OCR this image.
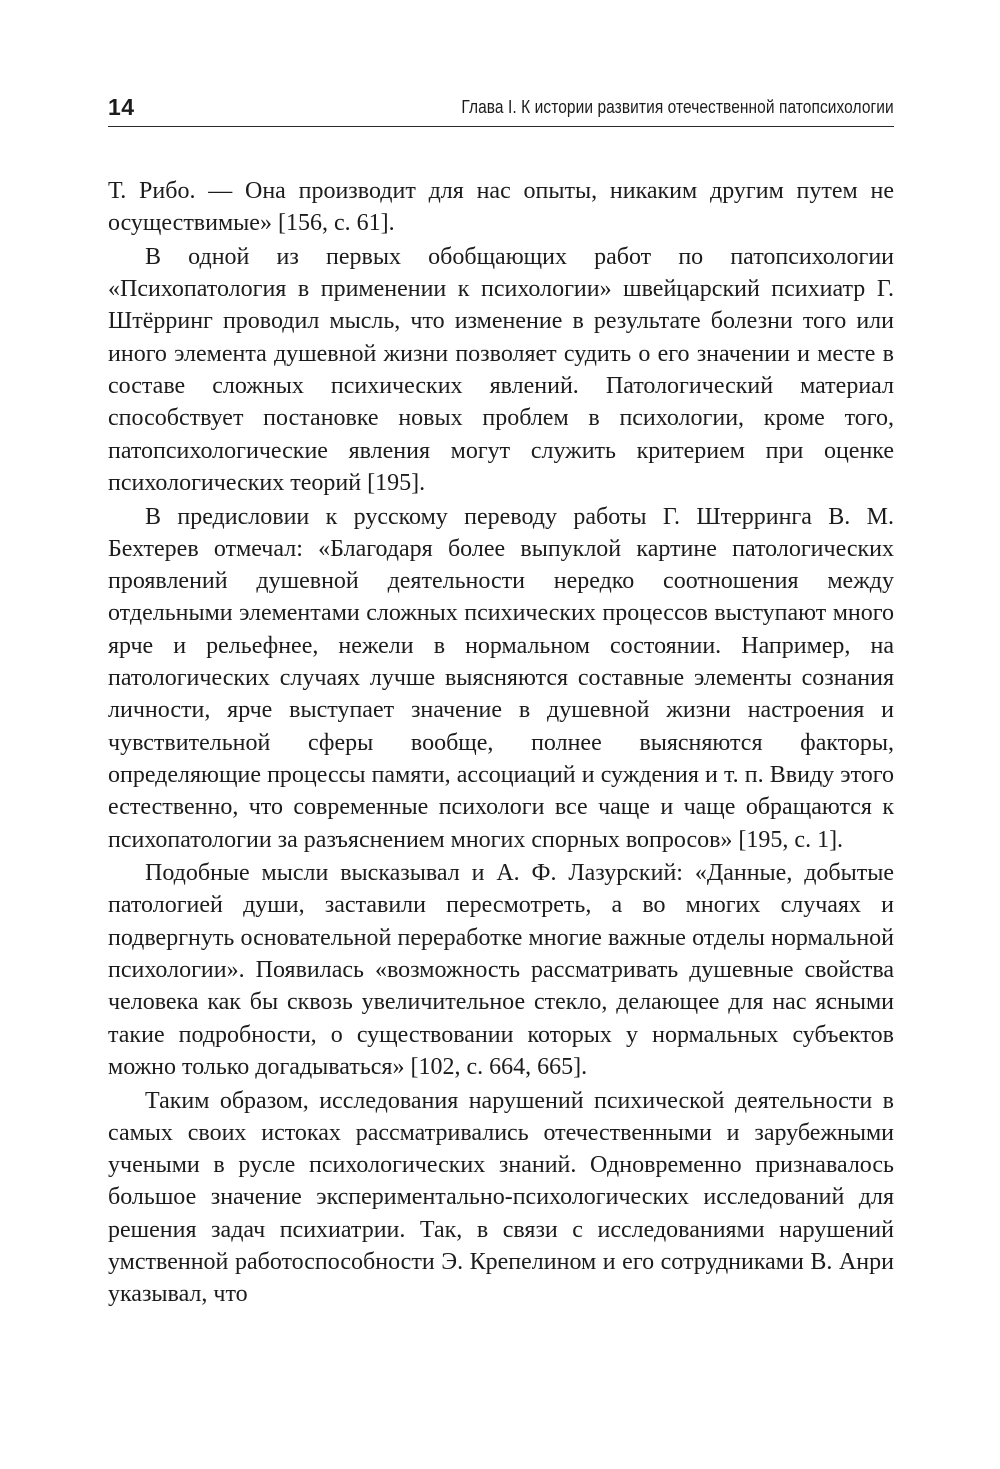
14	Глава I. К истории развития отечественной патопсихологии

Т. Рибо. — Она производит для нас опыты, никаким другим путем не осуществимые» [156, с. 61].

В одной из первых обобщающих работ по патопсихологии «Психопатология в применении к психологии» швейцарский психиатр Г. Штёрринг проводил мысль, что изменение в результате болезни того или иного элемента душевной жизни позволяет судить о его значении и месте в составе сложных психических явлений. Патологический материал способствует постановке новых проблем в психологии, кроме того, патопсихологические явления могут служить критерием при оценке психологических теорий [195].

В предисловии к русскому переводу работы Г. Штерринга В. М. Бехтерев отмечал: «Благодаря более выпуклой картине патологических проявлений душевной деятельности нередко соотношения между отдельными элементами сложных психических процессов выступают много ярче и рельефнее, нежели в нормальном состоянии. Например, на патологических случаях лучше выясняются составные элементы сознания личности, ярче выступает значение в душевной жизни настроения и чувствительной сферы вообще, полнее выясняются факторы, определяющие процессы памяти, ассоциаций и суждения и т. п. Ввиду этого естественно, что современные психологи все чаще и чаще обращаются к психопатологии за разъяснением многих спорных вопросов» [195, с. 1].

Подобные мысли высказывал и А. Ф. Лазурский: «Данные, добытые патологией души, заставили пересмотреть, а во многих случаях и подвергнуть основательной переработке многие важные отделы нормальной психологии». Появилась «возможность рассматривать душевные свойства человека как бы сквозь увеличительное стекло, делающее для нас ясными такие подробности, о существовании которых у нормальных субъектов можно только догадываться» [102, с. 664, 665].

Таким образом, исследования нарушений психической деятельности в самых своих истоках рассматривались отечественными и зарубежными учеными в русле психологических знаний. Одновременно признавалось большое значение экспериментально-психологических исследований для решения задач психиатрии. Так, в связи с исследованиями нарушений умственной работоспособности Э. Крепелином и его сотрудниками В. Анри указывал, что
